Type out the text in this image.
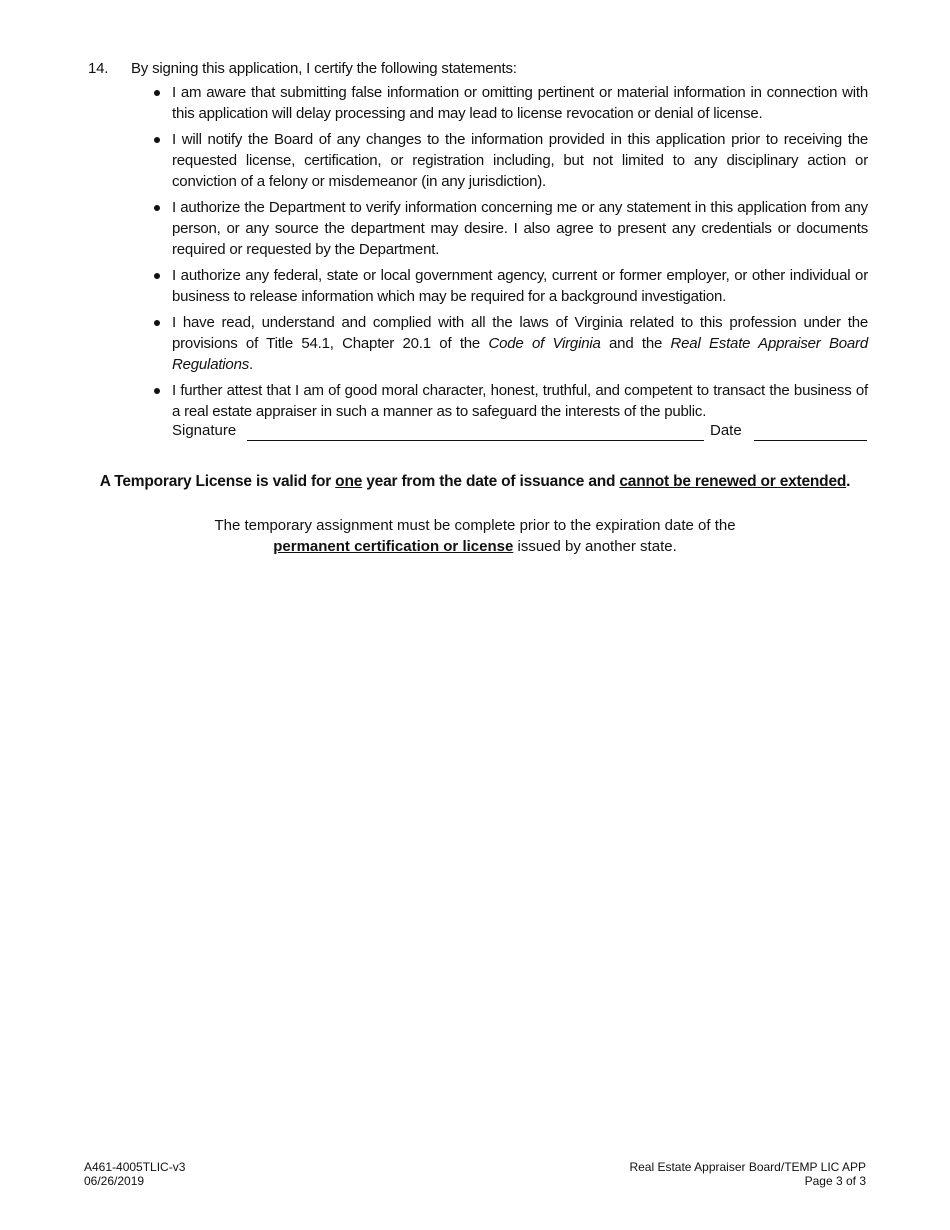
14. By signing this application, I certify the following statements:
I am aware that submitting false information or omitting pertinent or material information in connection with this application will delay processing and may lead to license revocation or denial of license.
I will notify the Board of any changes to the information provided in this application prior to receiving the requested license, certification, or registration including, but not limited to any disciplinary action or conviction of a felony or misdemeanor (in any jurisdiction).
I authorize the Department to verify information concerning me or any statement in this application from any person, or any source the department may desire. I also agree to present any credentials or documents required or requested by the Department.
I authorize any federal, state or local government agency, current or former employer, or other individual or business to release information which may be required for a background investigation.
I have read, understand and complied with all the laws of Virginia related to this profession under the provisions of Title 54.1, Chapter 20.1 of the Code of Virginia and the Real Estate Appraiser Board Regulations.
I further attest that I am of good moral character, honest, truthful, and competent to transact the business of a real estate appraiser in such a manner as to safeguard the interests of the public.
Signature	Date
A Temporary License is valid for one year from the date of issuance and cannot be renewed or extended.
The temporary assignment must be complete prior to the expiration date of the
permanent certification or license issued by another state.
A461-4005TLIC-v3
06/26/2019
Real Estate Appraiser Board/TEMP LIC APP
Page 3 of 3
